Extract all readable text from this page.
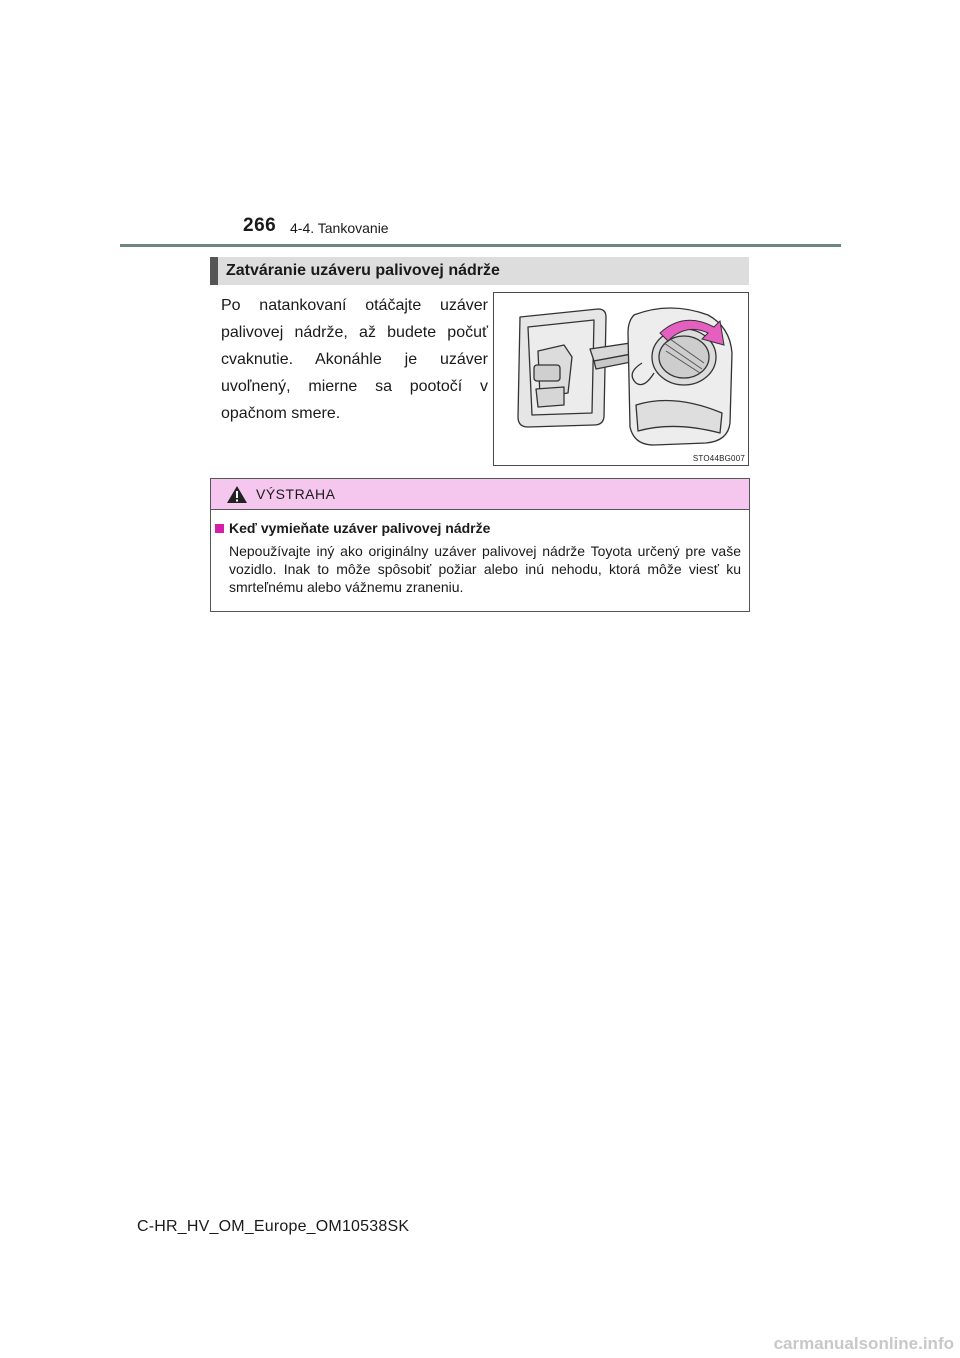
266 4-4. Tankovanie
Zatváranie uzáveru palivovej nádrže
Po natankovaní otáčajte uzáver palivovej nádrže, až budete počuť cvaknutie. Akonáhle je uzáver uvoľnený, mierne sa pootočí v opačnom smere.
STO44BG007
VÝSTRAHA
Keď vymieňate uzáver palivovej nádrže
Nepoužívajte iný ako originálny uzáver palivovej nádrže Toyota určený pre vaše vozidlo. Inak to môže spôsobiť požiar alebo inú nehodu, ktorá môže viesť ku smrteľnému alebo vážnemu zraneniu.
C-HR_HV_OM_Europe_OM10538SK
carmanualsonline.info
